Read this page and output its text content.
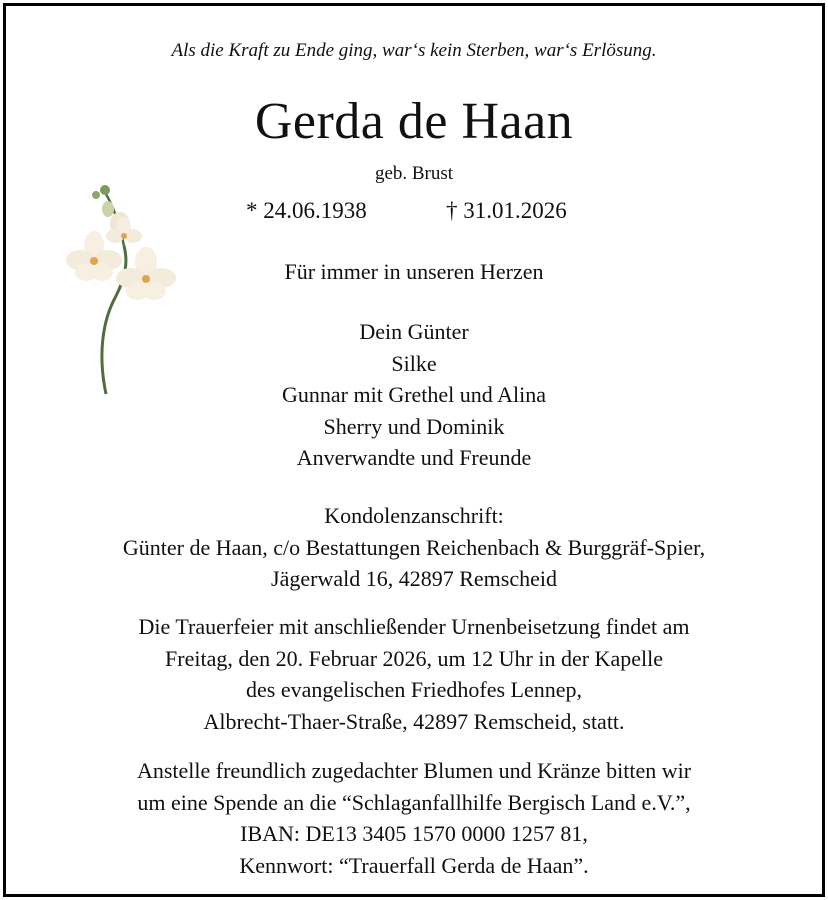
Als die Kraft zu Ende ging, war‘s kein Sterben, war‘s Erlösung.
Gerda de Haan
geb. Brust
* 24.06.1938	† 31.01.2026
Für immer in unseren Herzen
Dein Günter
Silke
Gunnar mit Grethel und Alina
Sherry und Dominik
Anverwandte und Freunde
Kondolenzanschrift:
Günter de Haan, c/o Bestattungen Reichenbach & Burggräf-Spier,
Jägerwald 16, 42897 Remscheid
Die Trauerfeier mit anschließender Urnenbeisetzung findet am
Freitag, den 20. Februar 2026, um 12 Uhr in der Kapelle
des evangelischen Friedhofes Lennep,
Albrecht-Thaer-Straße, 42897 Remscheid, statt.
Anstelle freundlich zugedachter Blumen und Kränze bitten wir
um eine Spende an die “Schlaganfallhilfe Bergisch Land e.V.”,
IBAN: DE13 3405 1570 0000 1257 81,
Kennwort: “Trauerfall Gerda de Haan”.
